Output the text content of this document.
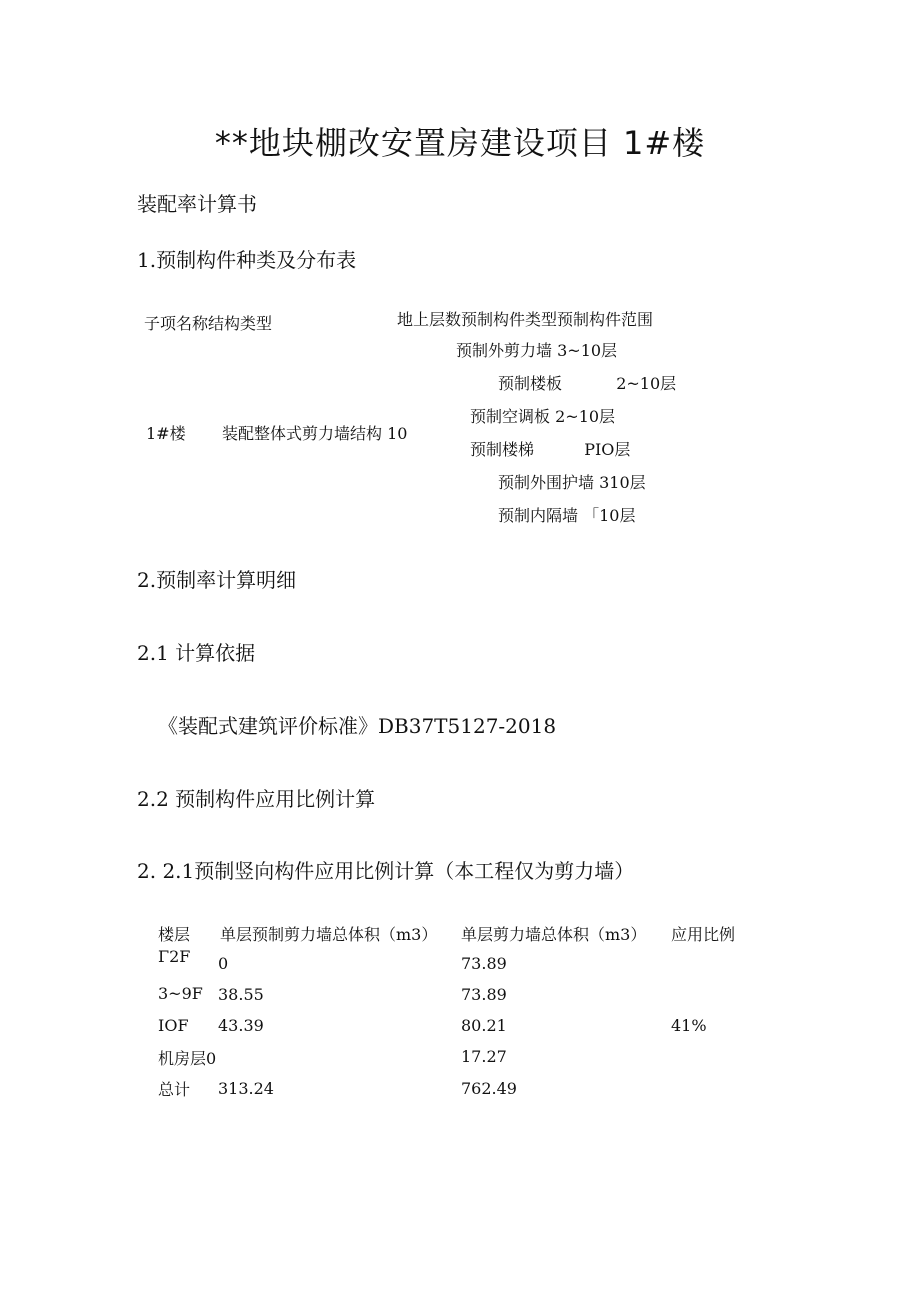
**地块棚改安置房建设项目 1#楼
装配率计算书
1.预制构件种类及分布表
子项名称结构类型	地上层数预制构件类型预制构件范围
预制外剪力墙 3~10层
预制楼板	2~10层
预制空调板 2~10层
1#楼 装配整体式剪力墙结构 10
预制楼梯	PIO层
预制外围护墙 310层
预制内隔墙 「10层
2.预制率计算明细
2.1 计算依据
《装配式建筑评价标准》DB37T5127-2018
2.2 预制构件应用比例计算
2. 2.1预制竖向构件应用比例计算（本工程仅为剪力墙）
楼层 单层预制剪力墙总体积（m3） 单层剪力墙总体积（m3） 应用比例
Γ2F 0	73.89
3~9F 38.55	73.89
IOF 43.39	80.21	41%
机房层0	17.27
总计 313.24	762.49
